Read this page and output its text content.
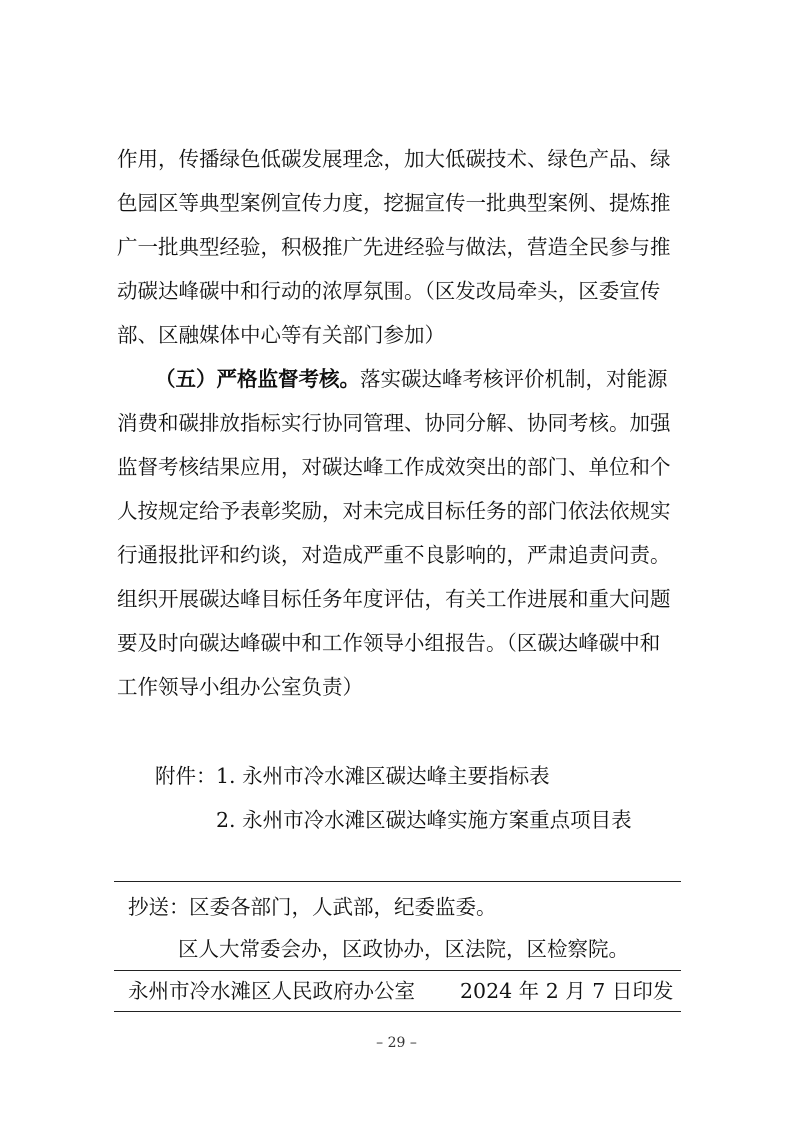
作用，传播绿色低碳发展理念，加大低碳技术、绿色产品、绿
色园区等典型案例宣传力度，挖掘宣传一批典型案例、提炼推
广一批典型经验，积极推广先进经验与做法，营造全民参与推
动碳达峰碳中和行动的浓厚氛围。（区发改局牵头，区委宣传
部、区融媒体中心等有关部门参加）
（五）严格监督考核。落实碳达峰考核评价机制，对能源
消费和碳排放指标实行协同管理、协同分解、协同考核。加强
监督考核结果应用，对碳达峰工作成效突出的部门、单位和个
人按规定给予表彰奖励，对未完成目标任务的部门依法依规实
行通报批评和约谈，对造成严重不良影响的，严肃追责问责。
组织开展碳达峰目标任务年度评估，有关工作进展和重大问题
要及时向碳达峰碳中和工作领导小组报告。（区碳达峰碳中和
工作领导小组办公室负责）
附件： 1. 永州市冷水滩区碳达峰主要指标表
2. 永州市冷水滩区碳达峰实施方案重点项目表
抄送： 区委各部门，人武部，纪委监委。
区人大常委会办，区政协办，区法院，区检察院。
永州市冷水滩区人民政府办公室 2024 年 2 月 7 日印发
– 29 –
